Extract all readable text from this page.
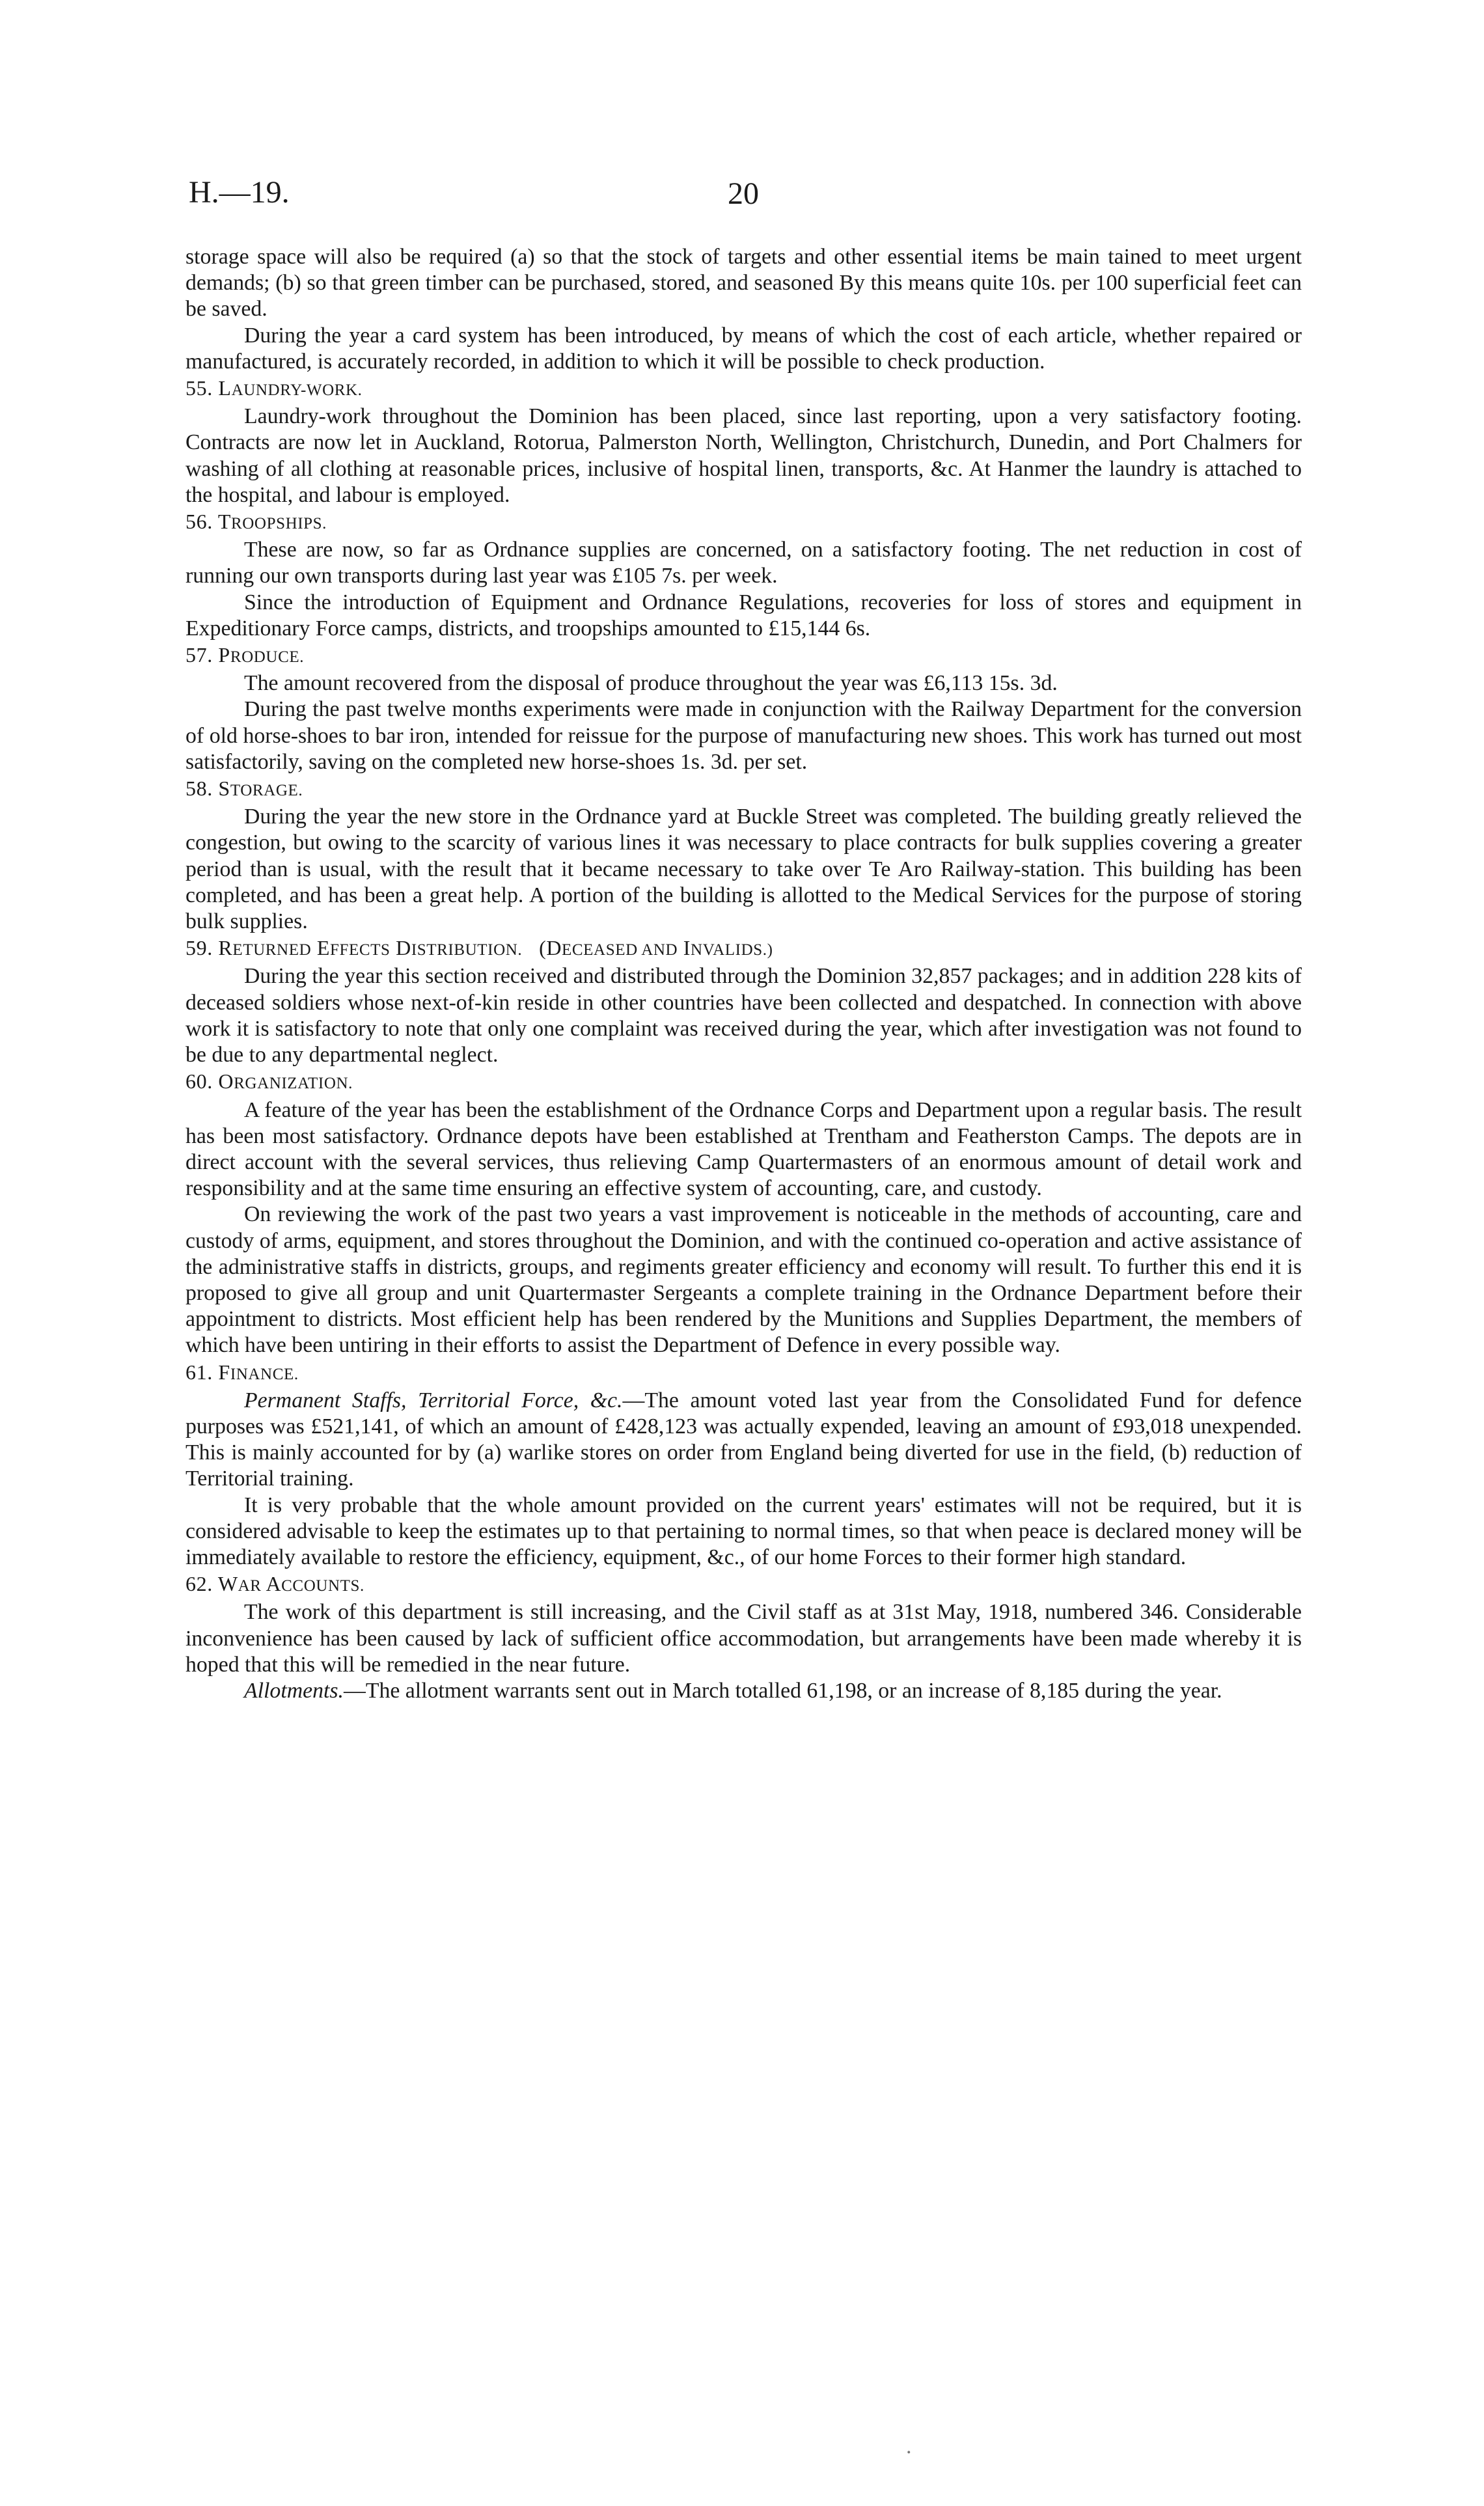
H.—19.	20

storage space will also be required (a) so that the stock of targets and other essential items be main tained to meet urgent demands; (b) so that green timber can be purchased, stored, and seasoned By this means quite 10s. per 100 superficial feet can be saved.

During the year a card system has been introduced, by means of which the cost of each article, whether repaired or manufactured, is accurately recorded, in addition to which it will be possible to check production.

55. LAUNDRY-WORK.

Laundry-work throughout the Dominion has been placed, since last reporting, upon a very satisfactory footing. Contracts are now let in Auckland, Rotorua, Palmerston North, Wellington, Christchurch, Dunedin, and Port Chalmers for washing of all clothing at reasonable prices, inclusive of hospital linen, transports, &c. At Hanmer the laundry is attached to the hospital, and labour is employed.

56. TROOPSHIPS.

These are now, so far as Ordnance supplies are concerned, on a satisfactory footing. The net reduction in cost of running our own transports during last year was £105 7s. per week.

Since the introduction of Equipment and Ordnance Regulations, recoveries for loss of stores and equipment in Expeditionary Force camps, districts, and troopships amounted to £15,144 6s.

57. PRODUCE.

The amount recovered from the disposal of produce throughout the year was £6,113 15s. 3d.

During the past twelve months experiments were made in conjunction with the Railway Department for the conversion of old horse-shoes to bar iron, intended for reissue for the purpose of manufacturing new shoes. This work has turned out most satisfactorily, saving on the completed new horse-shoes 1s. 3d. per set.

58. STORAGE.

During the year the new store in the Ordnance yard at Buckle Street was completed. The building greatly relieved the congestion, but owing to the scarcity of various lines it was necessary to place contracts for bulk supplies covering a greater period than is usual, with the result that it became necessary to take over Te Aro Railway-station. This building has been completed, and has been a great help. A portion of the building is allotted to the Medical Services for the purpose of storing bulk supplies.

59. RETURNED EFFECTS DISTRIBUTION. (DECEASED AND INVALIDS.)

During the year this section received and distributed through the Dominion 32,857 packages; and in addition 228 kits of deceased soldiers whose next-of-kin reside in other countries have been collected and despatched. In connection with above work it is satisfactory to note that only one complaint was received during the year, which after investigation was not found to be due to any departmental neglect.

60. ORGANIZATION.

A feature of the year has been the establishment of the Ordnance Corps and Department upon a regular basis. The result has been most satisfactory. Ordnance depots have been established at Trentham and Featherston Camps. The depots are in direct account with the several services, thus relieving Camp Quartermasters of an enormous amount of detail work and responsibility and at the same time ensuring an effective system of accounting, care, and custody.

On reviewing the work of the past two years a vast improvement is noticeable in the methods of accounting, care and custody of arms, equipment, and stores throughout the Dominion, and with the continued co-operation and active assistance of the administrative staffs in districts, groups, and regiments greater efficiency and economy will result. To further this end it is proposed to give all group and unit Quartermaster Sergeants a complete training in the Ordnance Department before their appointment to districts. Most efficient help has been rendered by the Munitions and Supplies Department, the members of which have been untiring in their efforts to assist the Department of Defence in every possible way.

61. FINANCE.

Permanent Staffs, Territorial Force, &c.—The amount voted last year from the Consolidated Fund for defence purposes was £521,141, of which an amount of £428,123 was actually expended, leaving an amount of £93,018 unexpended. This is mainly accounted for by (a) warlike stores on order from England being diverted for use in the field, (b) reduction of Territorial training.

It is very probable that the whole amount provided on the current years' estimates will not be required, but it is considered advisable to keep the estimates up to that pertaining to normal times, so that when peace is declared money will be immediately available to restore the efficiency, equipment, &c., of our home Forces to their former high standard.

62. WAR ACCOUNTS.

The work of this department is still increasing, and the Civil staff as at 31st May, 1918, numbered 346. Considerable inconvenience has been caused by lack of sufficient office accommodation, but arrangements have been made whereby it is hoped that this will be remedied in the near future.

Allotments.—The allotment warrants sent out in March totalled 61,198, or an increase of 8,185 during the year.

.
